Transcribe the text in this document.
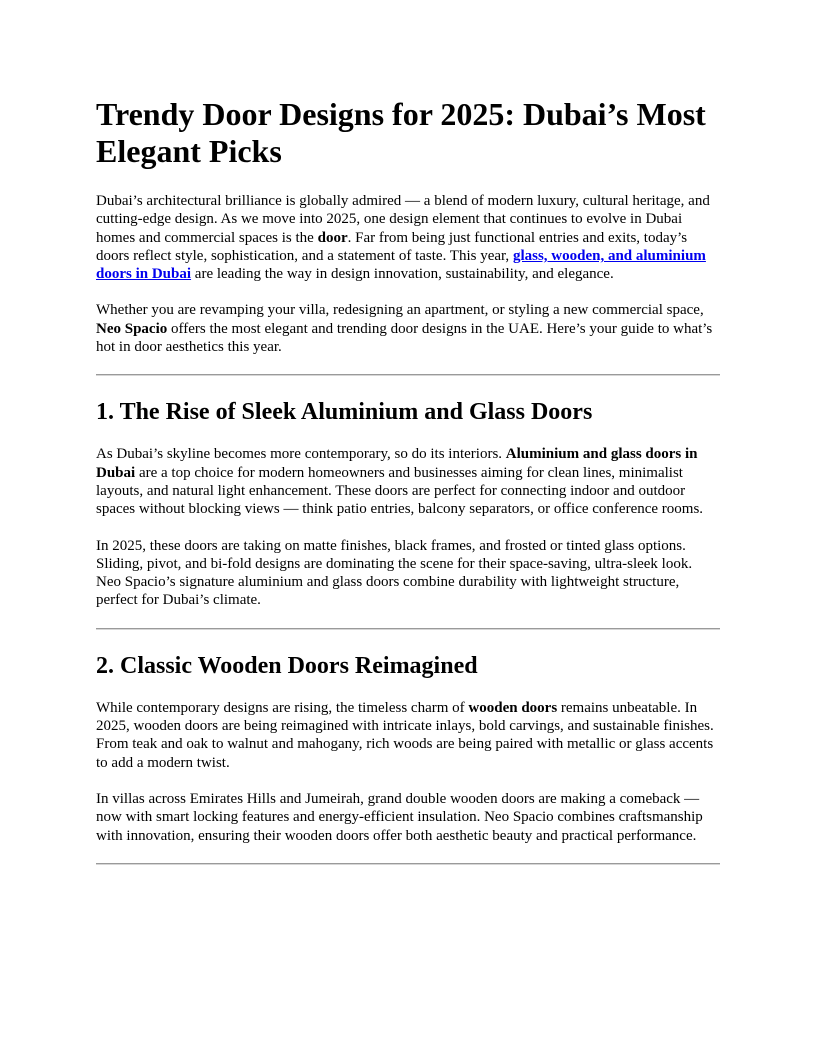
Trendy Door Designs for 2025: Dubai’s Most Elegant Picks

Dubai’s architectural brilliance is globally admired — a blend of modern luxury, cultural heritage, and cutting-edge design. As we move into 2025, one design element that continues to evolve in Dubai homes and commercial spaces is the door. Far from being just functional entries and exits, today’s doors reflect style, sophistication, and a statement of taste. This year, glass, wooden, and aluminium doors in Dubai are leading the way in design innovation, sustainability, and elegance.

Whether you are revamping your villa, redesigning an apartment, or styling a new commercial space, Neo Spacio offers the most elegant and trending door designs in the UAE. Here’s your guide to what’s hot in door aesthetics this year.

1. The Rise of Sleek Aluminium and Glass Doors

As Dubai’s skyline becomes more contemporary, so do its interiors. Aluminium and glass doors in Dubai are a top choice for modern homeowners and businesses aiming for clean lines, minimalist layouts, and natural light enhancement. These doors are perfect for connecting indoor and outdoor spaces without blocking views — think patio entries, balcony separators, or office conference rooms.

In 2025, these doors are taking on matte finishes, black frames, and frosted or tinted glass options. Sliding, pivot, and bi-fold designs are dominating the scene for their space-saving, ultra-sleek look. Neo Spacio’s signature aluminium and glass doors combine durability with lightweight structure, perfect for Dubai’s climate.

2. Classic Wooden Doors Reimagined

While contemporary designs are rising, the timeless charm of wooden doors remains unbeatable. In 2025, wooden doors are being reimagined with intricate inlays, bold carvings, and sustainable finishes. From teak and oak to walnut and mahogany, rich woods are being paired with metallic or glass accents to add a modern twist.

In villas across Emirates Hills and Jumeirah, grand double wooden doors are making a comeback — now with smart locking features and energy-efficient insulation. Neo Spacio combines craftsmanship with innovation, ensuring their wooden doors offer both aesthetic beauty and practical performance.
